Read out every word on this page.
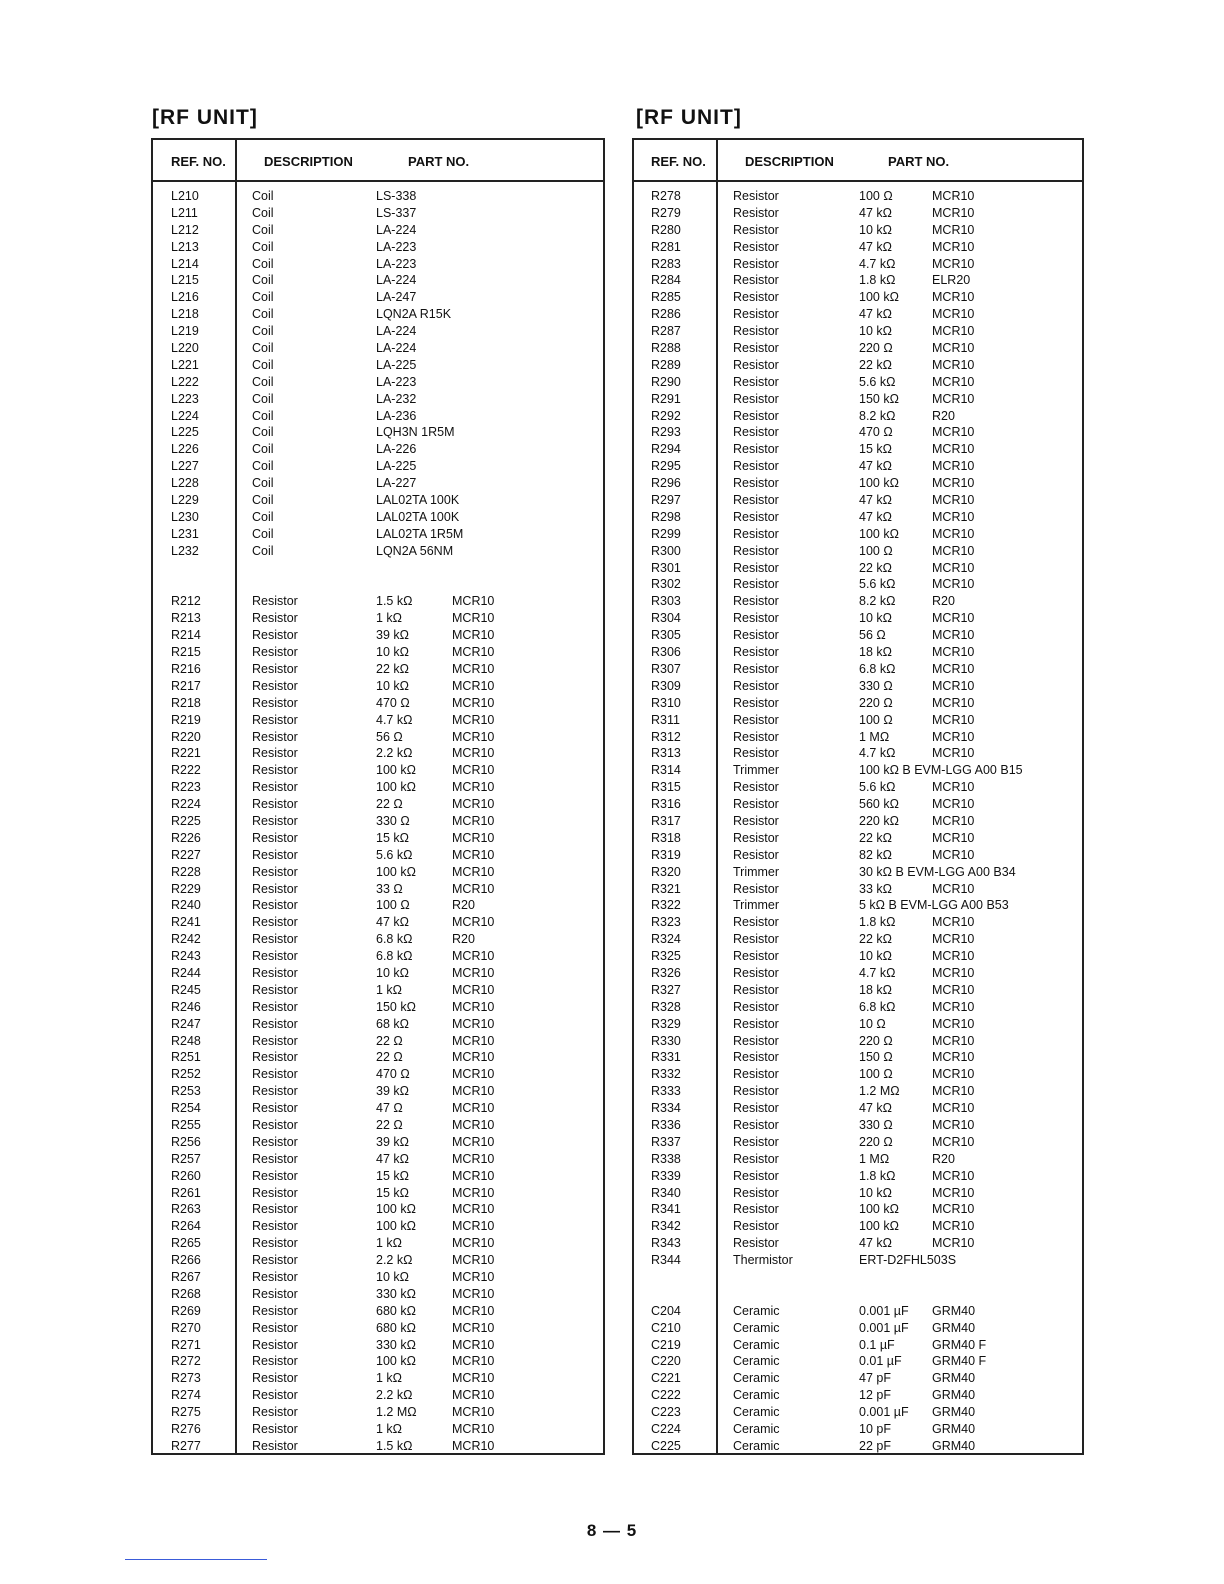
[RF UNIT]	[RF UNIT]
REF. NO.	DESCRIPTION	PART NO.
L210	Coil	LS-338
L211	Coil	LS-337
L212	Coil	LA-224
L213	Coil	LA-223
L214	Coil	LA-223
L215	Coil	LA-224
L216	Coil	LA-247
L218	Coil	LQN2A R15K
L219	Coil	LA-224
L220	Coil	LA-224
L221	Coil	LA-225
L222	Coil	LA-223
L223	Coil	LA-232
L224	Coil	LA-236
L225	Coil	LQH3N 1R5M
L226	Coil	LA-226
L227	Coil	LA-225
L228	Coil	LA-227
L229	Coil	LAL02TA 100K
L230	Coil	LAL02TA 100K
L231	Coil	LAL02TA 1R5M
L232	Coil	LQN2A 56NM
R212	Resistor	1.5 kΩ	MCR10
R213	Resistor	1 kΩ	MCR10
R214	Resistor	39 kΩ	MCR10
R215	Resistor	10 kΩ	MCR10
R216	Resistor	22 kΩ	MCR10
R217	Resistor	10 kΩ	MCR10
R218	Resistor	470 Ω	MCR10
R219	Resistor	4.7 kΩ	MCR10
R220	Resistor	56 Ω	MCR10
R221	Resistor	2.2 kΩ	MCR10
R222	Resistor	100 kΩ	MCR10
R223	Resistor	100 kΩ	MCR10
R224	Resistor	22 Ω	MCR10
R225	Resistor	330 Ω	MCR10
R226	Resistor	15 kΩ	MCR10
R227	Resistor	5.6 kΩ	MCR10
R228	Resistor	100 kΩ	MCR10
R229	Resistor	33 Ω	MCR10
R240	Resistor	100 Ω	R20
R241	Resistor	47 kΩ	MCR10
R242	Resistor	6.8 kΩ	R20
R243	Resistor	6.8 kΩ	MCR10
R244	Resistor	10 kΩ	MCR10
R245	Resistor	1 kΩ	MCR10
R246	Resistor	150 kΩ	MCR10
R247	Resistor	68 kΩ	MCR10
R248	Resistor	22 Ω	MCR10
R251	Resistor	22 Ω	MCR10
R252	Resistor	470 Ω	MCR10
R253	Resistor	39 kΩ	MCR10
R254	Resistor	47 Ω	MCR10
R255	Resistor	22 Ω	MCR10
R256	Resistor	39 kΩ	MCR10
R257	Resistor	47 kΩ	MCR10
R260	Resistor	15 kΩ	MCR10
R261	Resistor	15 kΩ	MCR10
R263	Resistor	100 kΩ	MCR10
R264	Resistor	100 kΩ	MCR10
R265	Resistor	1 kΩ	MCR10
R266	Resistor	2.2 kΩ	MCR10
R267	Resistor	10 kΩ	MCR10
R268	Resistor	330 kΩ	MCR10
R269	Resistor	680 kΩ	MCR10
R270	Resistor	680 kΩ	MCR10
R271	Resistor	330 kΩ	MCR10
R272	Resistor	100 kΩ	MCR10
R273	Resistor	1 kΩ	MCR10
R274	Resistor	2.2 kΩ	MCR10
R275	Resistor	1.2 MΩ	MCR10
R276	Resistor	1 kΩ	MCR10
R277	Resistor	1.5 kΩ	MCR10
REF. NO.	DESCRIPTION	PART NO.
R278	Resistor	100 Ω	MCR10
R279	Resistor	47 kΩ	MCR10
R280	Resistor	10 kΩ	MCR10
R281	Resistor	47 kΩ	MCR10
R283	Resistor	4.7 kΩ	MCR10
R284	Resistor	1.8 kΩ	ELR20
R285	Resistor	100 kΩ	MCR10
R286	Resistor	47 kΩ	MCR10
R287	Resistor	10 kΩ	MCR10
R288	Resistor	220 Ω	MCR10
R289	Resistor	22 kΩ	MCR10
R290	Resistor	5.6 kΩ	MCR10
R291	Resistor	150 kΩ	MCR10
R292	Resistor	8.2 kΩ	R20
R293	Resistor	470 Ω	MCR10
R294	Resistor	15 kΩ	MCR10
R295	Resistor	47 kΩ	MCR10
R296	Resistor	100 kΩ	MCR10
R297	Resistor	47 kΩ	MCR10
R298	Resistor	47 kΩ	MCR10
R299	Resistor	100 kΩ	MCR10
R300	Resistor	100 Ω	MCR10
R301	Resistor	22 kΩ	MCR10
R302	Resistor	5.6 kΩ	MCR10
R303	Resistor	8.2 kΩ	R20
R304	Resistor	10 kΩ	MCR10
R305	Resistor	56 Ω	MCR10
R306	Resistor	18 kΩ	MCR10
R307	Resistor	6.8 kΩ	MCR10
R309	Resistor	330 Ω	MCR10
R310	Resistor	220 Ω	MCR10
R311	Resistor	100 Ω	MCR10
R312	Resistor	1 MΩ	MCR10
R313	Resistor	4.7 kΩ	MCR10
R314	Trimmer	100 kΩ B EVM-LGG A00 B15
R315	Resistor	5.6 kΩ	MCR10
R316	Resistor	560 kΩ	MCR10
R317	Resistor	220 kΩ	MCR10
R318	Resistor	22 kΩ	MCR10
R319	Resistor	82 kΩ	MCR10
R320	Trimmer	30 kΩ B EVM-LGG A00 B34
R321	Resistor	33 kΩ	MCR10
R322	Trimmer	5 kΩ B EVM-LGG A00 B53
R323	Resistor	1.8 kΩ	MCR10
R324	Resistor	22 kΩ	MCR10
R325	Resistor	10 kΩ	MCR10
R326	Resistor	4.7 kΩ	MCR10
R327	Resistor	18 kΩ	MCR10
R328	Resistor	6.8 kΩ	MCR10
R329	Resistor	10 Ω	MCR10
R330	Resistor	220 Ω	MCR10
R331	Resistor	150 Ω	MCR10
R332	Resistor	100 Ω	MCR10
R333	Resistor	1.2 MΩ	MCR10
R334	Resistor	47 kΩ	MCR10
R336	Resistor	330 Ω	MCR10
R337	Resistor	220 Ω	MCR10
R338	Resistor	1 MΩ	R20
R339	Resistor	1.8 kΩ	MCR10
R340	Resistor	10 kΩ	MCR10
R341	Resistor	100 kΩ	MCR10
R342	Resistor	100 kΩ	MCR10
R343	Resistor	47 kΩ	MCR10
R344	Thermistor	ERT-D2FHL503S
C204	Ceramic	0.001 µF GRM40
C210	Ceramic	0.001 µF GRM40
C219	Ceramic	0.1 µF	GRM40 F
C220	Ceramic	0.01 µF GRM40 F
C221	Ceramic	47 pF	GRM40
C222	Ceramic	12 pF	GRM40
C223	Ceramic	0.001 µF GRM40
C224	Ceramic	10 pF	GRM40
C225	Ceramic	22 pF	GRM40
8 — 5
